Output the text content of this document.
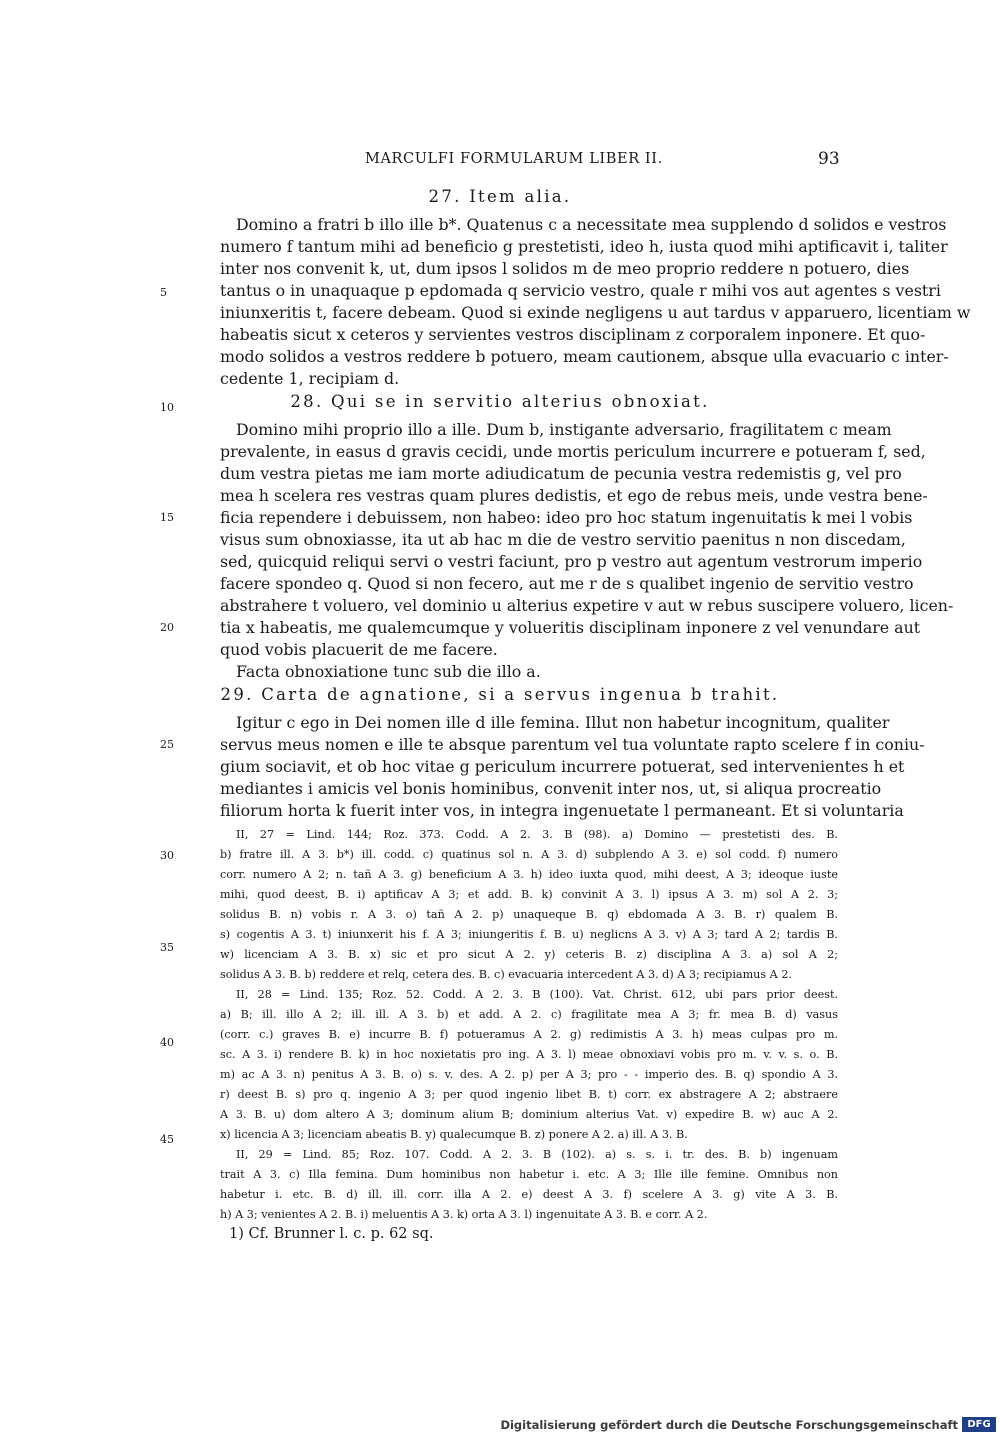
MARCULFI FORMULARUM LIBER II.	93
27. Item alia.
Domino a fratri b illo ille b*. Quatenus c a necessitate mea supplendo d solidos e vestros
numero f tantum mihi ad beneficio g prestetisti, ideo h, iusta quod mihi aptificavit i, taliter
inter nos convenit k, ut, dum ipsos l solidos m de meo proprio reddere n potuero, dies
tantus o in unaquaque p epdomada q servicio vestro, quale r mihi vos aut agentes s vestri
iniunxeritis t, facere debeam. Quod si exinde negligens u aut tardus v apparuero, licentiam w
habeatis sicut x ceteros y servientes vestros disciplinam z corporalem inponere. Et quo-
modo solidos a vestros reddere b potuero, meam cautionem, absque ulla evacuario c inter-
cedente 1, recipiam d.
28. Qui se in servitio alterius obnoxiat.
Domino mihi proprio illo a ille. Dum b, instigante adversario, fragilitatem c meam
prevalente, in easus d gravis cecidi, unde mortis periculum incurrere e potueram f, sed,
dum vestra pietas me iam morte adiudicatum de pecunia vestra redemistis g, vel pro
mea h scelera res vestras quam plures dedistis, et ego de rebus meis, unde vestra bene-
ficia rependere i debuissem, non habeo: ideo pro hoc statum ingenuitatis k mei l vobis
visus sum obnoxiasse, ita ut ab hac m die de vestro servitio paenitus n non discedam,
sed, quicquid reliqui servi o vestri faciunt, pro p vestro aut agentum vestrorum imperio
facere spondeo q. Quod si non fecero, aut me r de s qualibet ingenio de servitio vestro
abstrahere t voluero, vel dominio u alterius expetire v aut w rebus suscipere voluero, licen-
tia x habeatis, me qualemcumque y volueritis disciplinam inponere z vel venundare aut
quod vobis placuerit de me facere.
Facta obnoxiatione tunc sub die illo a.
29. Carta de agnatione, si a servus ingenua b trahit.
Igitur c ego in Dei nomen ille d ille femina. Illut non habetur incognitum, qualiter
servus meus nomen e ille te absque parentum vel tua voluntate rapto scelere f in coniu-
gium sociavit, et ob hoc vitae g periculum incurrere potuerat, sed intervenientes h et
mediantes i amicis vel bonis hominibus, convenit inter nos, ut, si aliqua procreatio
filiorum horta k fuerit inter vos, in integra ingenuetate l permaneant. Et si voluntaria
II, 27 = Lind. 144; Roz. 373. Codd. A 2. 3. B (98). a) Domino — prestetisti des. B.
b) fratre ill. A 3. b*) ill. codd. c) quatinus sol n. A 3. d) subplendo A 3. e) sol codd. f) numero
corr. numero A 2; n. tañ A 3. g) beneficium A 3. h) ideo iuxta quod, mihi deest, A 3; ideoque iuste
mihi, quod deest, B. i) aptificav A 3; et add. B. k) convinit A 3. l) ipsus A 3. m) sol A 2. 3;
solidus B. n) vobis r. A 3. o) tañ A 2. p) unaqueque B. q) ebdomada A 3. B. r) qualem B.
s) cogentis A 3. t) iniunxerit his f. A 3; iniungeritis f. B. u) neglicns A 3. v) A 3; tard A 2; tardis B.
w) licenciam A 3. B. x) sic et pro sicut A 2. y) ceteris B. z) disciplina A 3. a) sol A 2;
solidus A 3. B. b) reddere et relq, cetera des. B. c) evacuaria intercedent A 3. d) A 3; recipiamus A 2.
II, 28 = Lind. 135; Roz. 52. Codd. A 2. 3. B (100). Vat. Christ. 612, ubi pars prior deest.
a) B; ill. illo A 2; ill. ill. A 3. b) et add. A 2. c) fragilitate mea A 3; fr. mea B. d) vasus
(corr. c.) graves B. e) incurre B. f) potueramus A 2. g) redimistis A 3. h) meas culpas pro m.
sc. A 3. i) rendere B. k) in hoc noxietatis pro ing. A 3. l) meae obnoxiavi vobis pro m. v. v. s. o. B.
m) ac A 3. n) penitus A 3. B. o) s. v. des. A 2. p) per A 3; pro - - imperio des. B. q) spondio A 3.
r) deest B. s) pro q. ingenio A 3; per quod ingenio libet B. t) corr. ex abstragere A 2; abstraere
A 3. B. u) dom altero A 3; dominum alium B; dominium alterius Vat. v) expedire B. w) auc A 2.
x) licencia A 3; licenciam abeatis B. y) qualecumque B. z) ponere A 2. a) ill. A 3. B.
II, 29 = Lind. 85; Roz. 107. Codd. A 2. 3. B (102). a) s. s. i. tr. des. B. b) ingenuam
trait A 3. c) Illa femina. Dum hominibus non habetur i. etc. A 3; Ille ille femine. Omnibus non
habetur i. etc. B. d) ill. ill. corr. illa A 2. e) deest A 3. f) scelere A 3. g) vite A 3. B.
h) A 3; venientes A 2. B. i) meluentis A 3. k) orta A 3. l) ingenuitate A 3. B. e corr. A 2.
5
10
15
20
25
30
35
40
45
1) Cf. Brunner l. c. p. 62 sq.
Digitalisierung gefördert durch die Deutsche Forschungsgemeinschaft DFG
